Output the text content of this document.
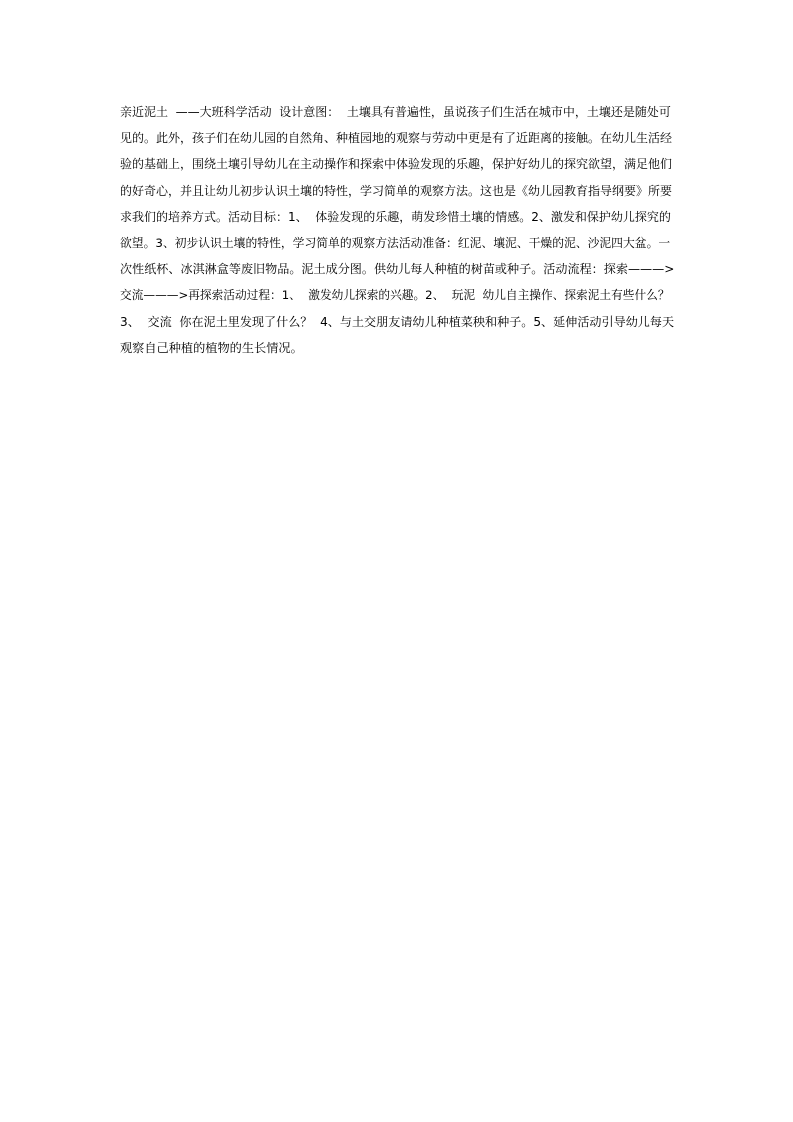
亲近泥土  ——大班科学活动  设计意图：  土壤具有普遍性，虽说孩子们生活在城市中，土壤还是随处可
见的。此外，孩子们在幼儿园的自然角、种植园地的观察与劳动中更是有了近距离的接触。在幼儿生活经
验的基础上，围绕土壤引导幼儿在主动操作和探索中体验发现的乐趣，保护好幼儿的探究欲望，满足他们
的好奇心，并且让幼儿初步认识土壤的特性，学习简单的观察方法。这也是《幼儿园教育指导纲要》所要
求我们的培养方式。活动目标：1、  体验发现的乐趣，萌发珍惜土壤的情感。2、激发和保护幼儿探究的
欲望。3、初步认识土壤的特性，学习简单的观察方法活动准备：红泥、壤泥、干燥的泥、沙泥四大盆。一
次性纸杯、冰淇淋盒等废旧物品。泥土成分图。供幼儿每人种植的树苗或种子。活动流程：探索———>
交流———>再探索活动过程：1、  激发幼儿探索的兴趣。2、  玩泥  幼儿自主操作、探索泥土有些什么？
3、  交流  你在泥土里发现了什么？  4、与土交朋友请幼儿种植菜秧和种子。5、延伸活动引导幼儿每天
观察自己种植的植物的生长情况。
